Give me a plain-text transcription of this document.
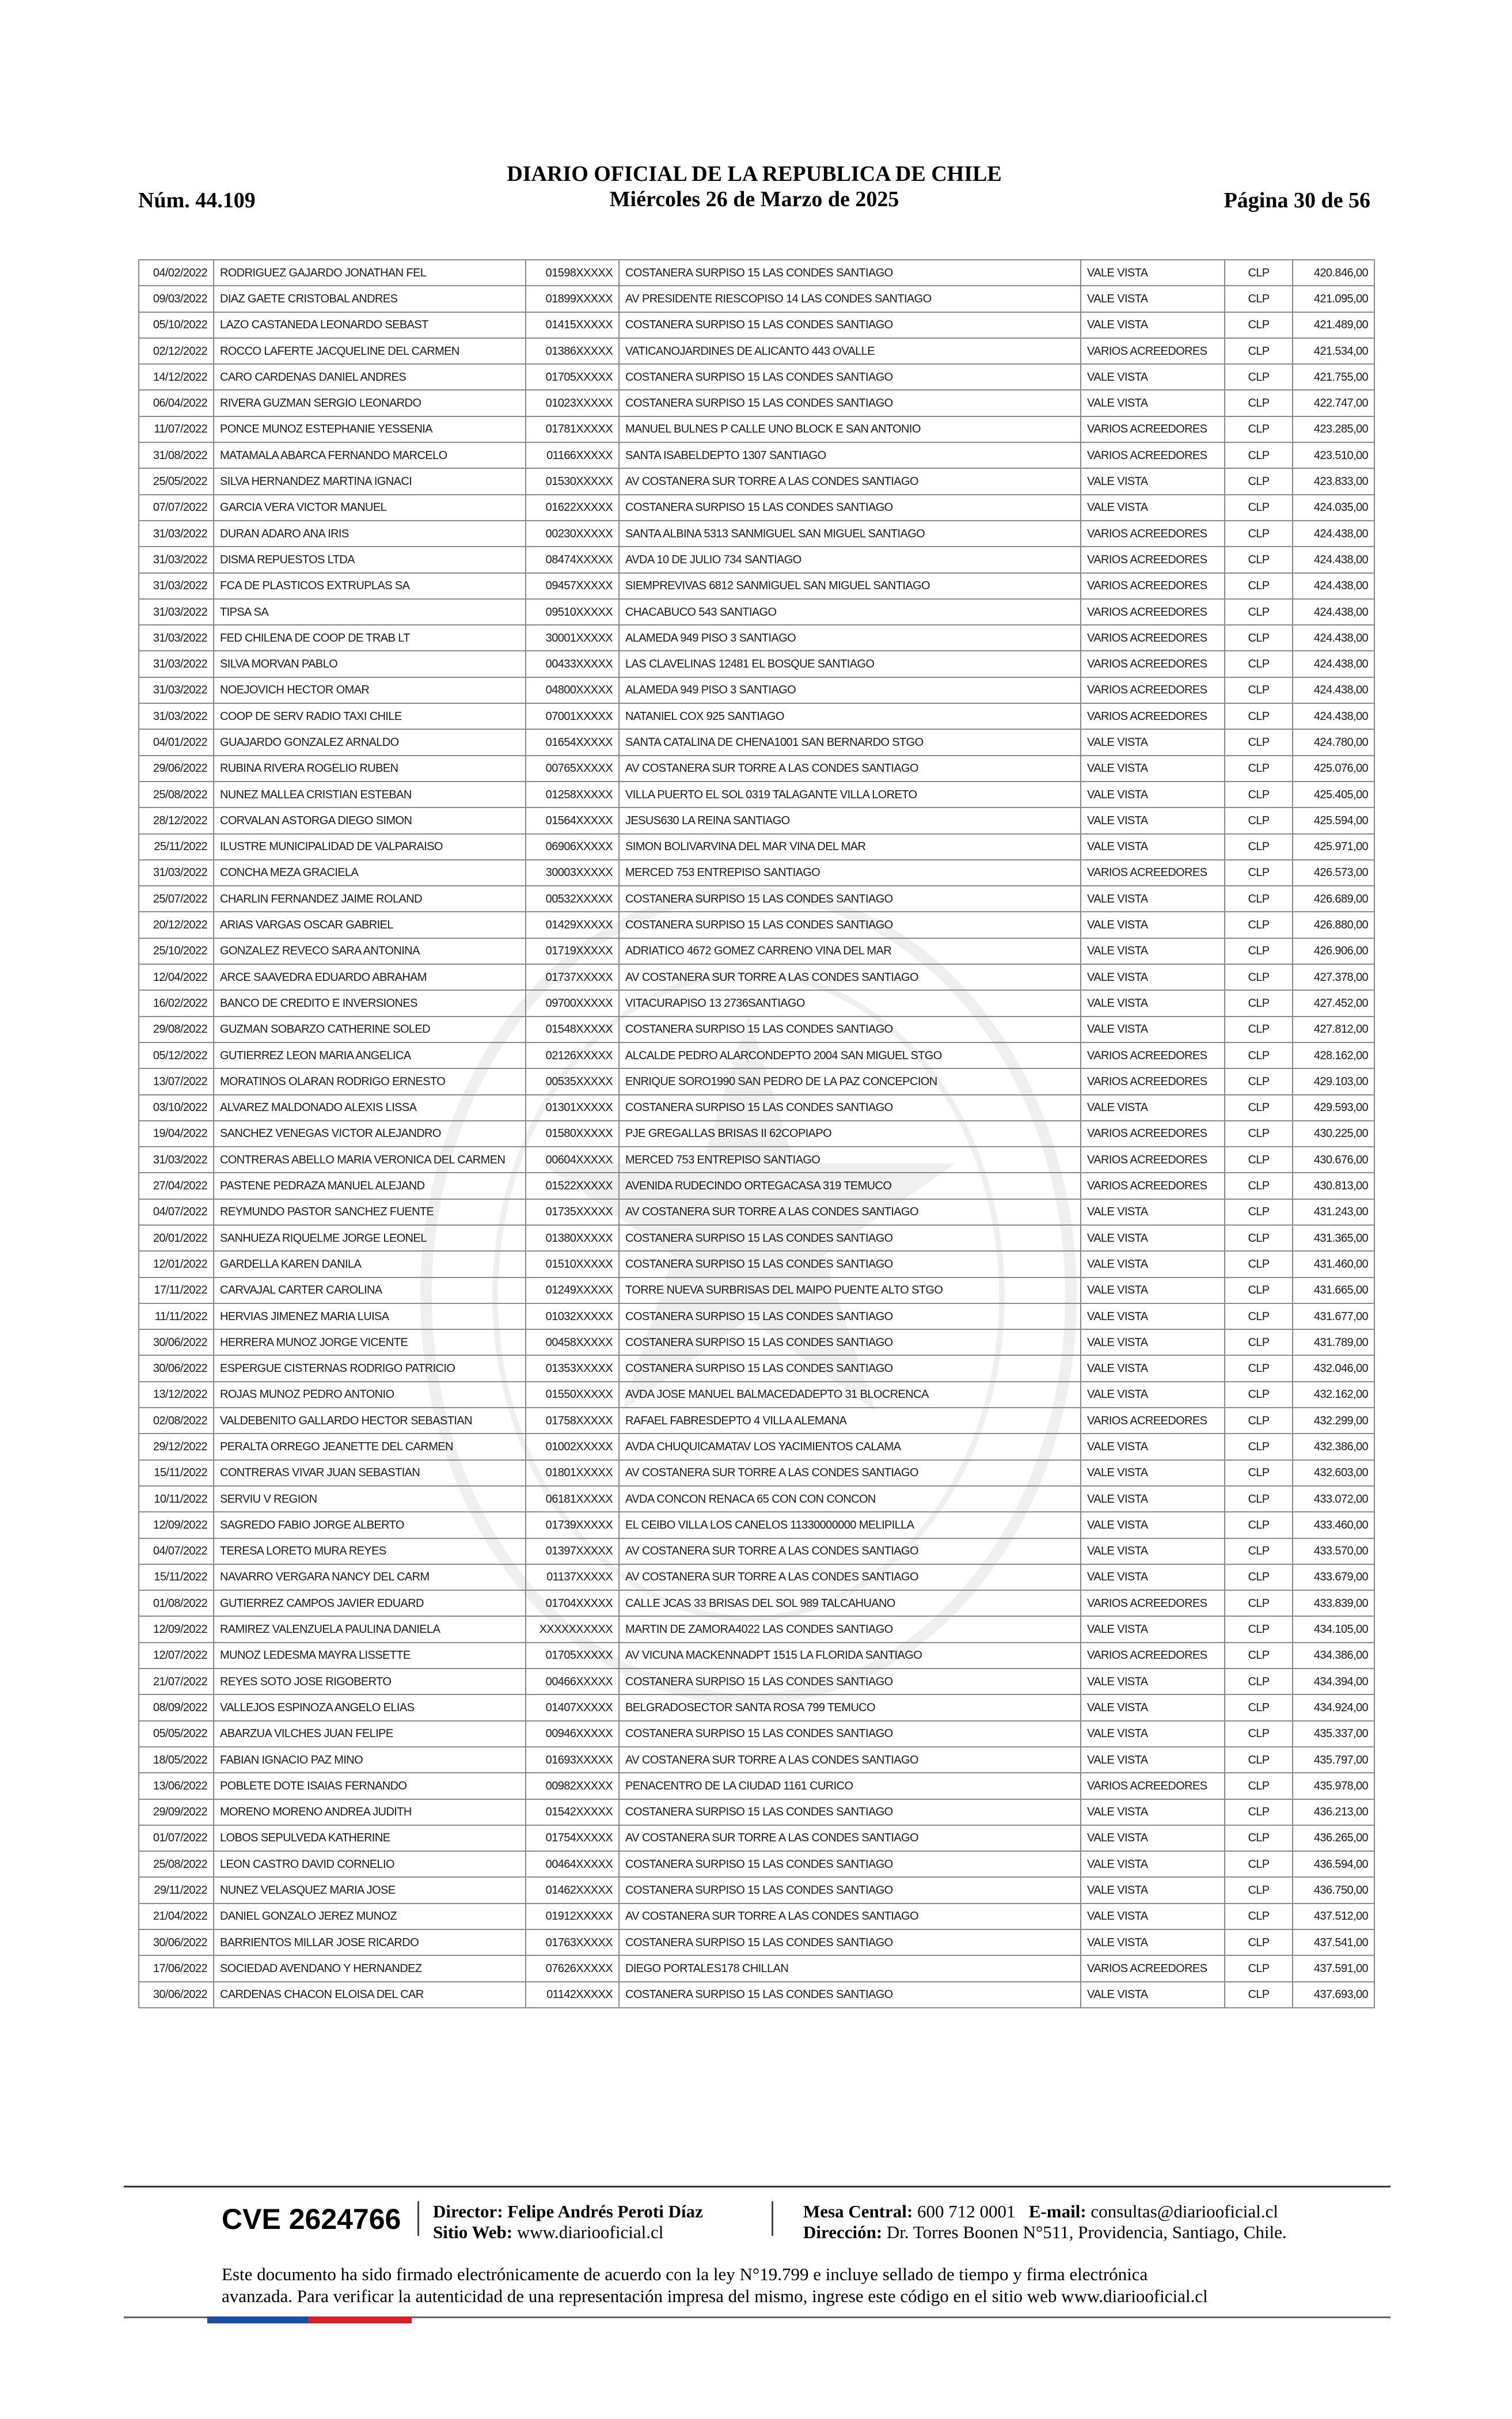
Núm. 44.109
DIARIO OFICIAL DE LA REPUBLICA DE CHILE
Miércoles 26 de Marzo de 2025	Página 30 de 56
04/02/2022	RODRIGUEZ GAJARDO JONATHAN FEL	01598XXXXX	COSTANERA SURPISO 15 LAS CONDES SANTIAGO	VALE VISTA	CLP	420.846,00
09/03/2022	DIAZ GAETE CRISTOBAL ANDRES	01899XXXXX	AV PRESIDENTE RIESCOPISO 14 LAS CONDES SANTIAGO	VALE VISTA	CLP	421.095,00
05/10/2022	LAZO CASTANEDA LEONARDO SEBAST	01415XXXXX	COSTANERA SURPISO 15 LAS CONDES SANTIAGO	VALE VISTA	CLP	421.489,00
02/12/2022	ROCCO LAFERTE JACQUELINE DEL CARMEN	01386XXXXX	VATICANOJARDINES DE ALICANTO 443 OVALLE	VARIOS ACREEDORES	CLP	421.534,00
14/12/2022	CARO CARDENAS DANIEL ANDRES	01705XXXXX	COSTANERA SURPISO 15 LAS CONDES SANTIAGO	VALE VISTA	CLP	421.755,00
06/04/2022	RIVERA GUZMAN SERGIO LEONARDO	01023XXXXX	COSTANERA SURPISO 15 LAS CONDES SANTIAGO	VALE VISTA	CLP	422.747,00
11/07/2022	PONCE MUNOZ ESTEPHANIE YESSENIA	01781XXXXX	MANUEL BULNES P CALLE UNO BLOCK E SAN ANTONIO	VARIOS ACREEDORES	CLP	423.285,00
31/08/2022	MATAMALA ABARCA FERNANDO MARCELO	01166XXXXX	SANTA ISABELDEPTO 1307 SANTIAGO	VARIOS ACREEDORES	CLP	423.510,00
25/05/2022	SILVA HERNANDEZ MARTINA IGNACI	01530XXXXX	AV COSTANERA SUR TORRE A LAS CONDES SANTIAGO	VALE VISTA	CLP	423.833,00
07/07/2022	GARCIA VERA VICTOR MANUEL	01622XXXXX	COSTANERA SURPISO 15 LAS CONDES SANTIAGO	VALE VISTA	CLP	424.035,00
31/03/2022	DURAN ADARO ANA IRIS	00230XXXXX	SANTA ALBINA 5313 SANMIGUEL SAN MIGUEL SANTIAGO	VARIOS ACREEDORES	CLP	424.438,00
31/03/2022	DISMA REPUESTOS LTDA	08474XXXXX	AVDA 10 DE JULIO 734 SANTIAGO	VARIOS ACREEDORES	CLP	424.438,00
31/03/2022	FCA DE PLASTICOS EXTRUPLAS SA	09457XXXXX	SIEMPREVIVAS 6812 SANMIGUEL SAN MIGUEL SANTIAGO	VARIOS ACREEDORES	CLP	424.438,00
31/03/2022	TIPSA SA	09510XXXXX	CHACABUCO 543 SANTIAGO	VARIOS ACREEDORES	CLP	424.438,00
31/03/2022	FED CHILENA DE COOP DE TRAB LT	30001XXXXX	ALAMEDA 949 PISO 3 SANTIAGO	VARIOS ACREEDORES	CLP	424.438,00
31/03/2022	SILVA MORVAN PABLO	00433XXXXX	LAS CLAVELINAS 12481 EL BOSQUE SANTIAGO	VARIOS ACREEDORES	CLP	424.438,00
31/03/2022	NOEJOVICH HECTOR OMAR	04800XXXXX	ALAMEDA 949 PISO 3 SANTIAGO	VARIOS ACREEDORES	CLP	424.438,00
31/03/2022	COOP DE SERV RADIO TAXI CHILE	07001XXXXX	NATANIEL COX 925 SANTIAGO	VARIOS ACREEDORES	CLP	424.438,00
04/01/2022	GUAJARDO GONZALEZ ARNALDO	01654XXXXX	SANTA CATALINA DE CHENA1001 SAN BERNARDO STGO	VALE VISTA	CLP	424.780,00
29/06/2022	RUBINA RIVERA ROGELIO RUBEN	00765XXXXX	AV COSTANERA SUR TORRE A LAS CONDES SANTIAGO	VALE VISTA	CLP	425.076,00
25/08/2022	NUNEZ MALLEA CRISTIAN ESTEBAN	01258XXXXX	VILLA PUERTO EL SOL 0319 TALAGANTE VILLA LORETO	VALE VISTA	CLP	425.405,00
28/12/2022	CORVALAN ASTORGA DIEGO SIMON	01564XXXXX	JESUS630 LA REINA SANTIAGO	VALE VISTA	CLP	425.594,00
25/11/2022	ILUSTRE MUNICIPALIDAD DE VALPARAISO	06906XXXXX	SIMON BOLIVARVINA DEL MAR VINA DEL MAR	VALE VISTA	CLP	425.971,00
31/03/2022	CONCHA MEZA GRACIELA	30003XXXXX	MERCED 753 ENTREPISO SANTIAGO	VARIOS ACREEDORES	CLP	426.573,00
25/07/2022	CHARLIN FERNANDEZ JAIME ROLAND	00532XXXXX	COSTANERA SURPISO 15 LAS CONDES SANTIAGO	VALE VISTA	CLP	426.689,00
20/12/2022	ARIAS VARGAS OSCAR GABRIEL	01429XXXXX	COSTANERA SURPISO 15 LAS CONDES SANTIAGO	VALE VISTA	CLP	426.880,00
25/10/2022	GONZALEZ REVECO SARA ANTONINA	01719XXXXX	ADRIATICO 4672 GOMEZ CARRENO VINA DEL MAR	VALE VISTA	CLP	426.906,00
12/04/2022	ARCE SAAVEDRA EDUARDO ABRAHAM	01737XXXXX	AV COSTANERA SUR TORRE A LAS CONDES SANTIAGO	VALE VISTA	CLP	427.378,00
16/02/2022	BANCO DE CREDITO E INVERSIONES	09700XXXXX	VITACURAPISO 13 2736SANTIAGO	VALE VISTA	CLP	427.452,00
29/08/2022	GUZMAN SOBARZO CATHERINE SOLED	01548XXXXX	COSTANERA SURPISO 15 LAS CONDES SANTIAGO	VALE VISTA	CLP	427.812,00
05/12/2022	GUTIERREZ LEON MARIA ANGELICA	02126XXXXX	ALCALDE PEDRO ALARCONDEPTO 2004 SAN MIGUEL STGO	VARIOS ACREEDORES	CLP	428.162,00
13/07/2022	MORATINOS OLARAN RODRIGO ERNESTO	00535XXXXX	ENRIQUE SORO1990 SAN PEDRO DE LA PAZ CONCEPCION	VARIOS ACREEDORES	CLP	429.103,00
03/10/2022	ALVAREZ MALDONADO ALEXIS LISSA	01301XXXXX	COSTANERA SURPISO 15 LAS CONDES SANTIAGO	VALE VISTA	CLP	429.593,00
19/04/2022	SANCHEZ VENEGAS VICTOR ALEJANDRO	01580XXXXX	PJE GREGALLAS BRISAS II 62COPIAPO	VARIOS ACREEDORES	CLP	430.225,00
31/03/2022	CONTRERAS ABELLO MARIA VERONICA DEL CARMEN	00604XXXXX	MERCED 753 ENTREPISO SANTIAGO	VARIOS ACREEDORES	CLP	430.676,00
27/04/2022	PASTENE PEDRAZA MANUEL ALEJAND	01522XXXXX	AVENIDA RUDECINDO ORTEGACASA 319 TEMUCO	VARIOS ACREEDORES	CLP	430.813,00
04/07/2022	REYMUNDO PASTOR SANCHEZ FUENTE	01735XXXXX	AV COSTANERA SUR TORRE A LAS CONDES SANTIAGO	VALE VISTA	CLP	431.243,00
20/01/2022	SANHUEZA RIQUELME JORGE LEONEL	01380XXXXX	COSTANERA SURPISO 15 LAS CONDES SANTIAGO	VALE VISTA	CLP	431.365,00
12/01/2022	GARDELLA KAREN DANILA	01510XXXXX	COSTANERA SURPISO 15 LAS CONDES SANTIAGO	VALE VISTA	CLP	431.460,00
17/11/2022	CARVAJAL CARTER CAROLINA	01249XXXXX	TORRE NUEVA SURBRISAS DEL MAIPO PUENTE ALTO STGO	VALE VISTA	CLP	431.665,00
11/11/2022	HERVIAS JIMENEZ MARIA LUISA	01032XXXXX	COSTANERA SURPISO 15 LAS CONDES SANTIAGO	VALE VISTA	CLP	431.677,00
30/06/2022	HERRERA MUNOZ JORGE VICENTE	00458XXXXX	COSTANERA SURPISO 15 LAS CONDES SANTIAGO	VALE VISTA	CLP	431.789,00
30/06/2022	ESPERGUE CISTERNAS RODRIGO PATRICIO	01353XXXXX	COSTANERA SURPISO 15 LAS CONDES SANTIAGO	VALE VISTA	CLP	432.046,00
13/12/2022	ROJAS MUNOZ PEDRO ANTONIO	01550XXXXX	AVDA JOSE MANUEL BALMACEDADEPTO 31 BLOCRENCA	VALE VISTA	CLP	432.162,00
02/08/2022	VALDEBENITO GALLARDO HECTOR SEBASTIAN	01758XXXXX	RAFAEL FABRESDEPTO 4 VILLA ALEMANA	VARIOS ACREEDORES	CLP	432.299,00
29/12/2022	PERALTA ORREGO JEANETTE DEL CARMEN	01002XXXXX	AVDA CHUQUICAMATAV LOS YACIMIENTOS CALAMA	VALE VISTA	CLP	432.386,00
15/11/2022	CONTRERAS VIVAR JUAN SEBASTIAN	01801XXXXX	AV COSTANERA SUR TORRE A LAS CONDES SANTIAGO	VALE VISTA	CLP	432.603,00
10/11/2022	SERVIU V REGION	06181XXXXX	AVDA CONCON RENACA 65 CON CON CONCON	VALE VISTA	CLP	433.072,00
12/09/2022	SAGREDO FABIO JORGE ALBERTO	01739XXXXX	EL CEIBO VILLA LOS CANELOS 11330000000 MELIPILLA	VALE VISTA	CLP	433.460,00
04/07/2022	TERESA LORETO MURA REYES	01397XXXXX	AV COSTANERA SUR TORRE A LAS CONDES SANTIAGO	VALE VISTA	CLP	433.570,00
15/11/2022	NAVARRO VERGARA NANCY DEL CARM	01137XXXXX	AV COSTANERA SUR TORRE A LAS CONDES SANTIAGO	VALE VISTA	CLP	433.679,00
01/08/2022	GUTIERREZ CAMPOS JAVIER EDUARD	01704XXXXX	CALLE JCAS 33 BRISAS DEL SOL 989 TALCAHUANO	VARIOS ACREEDORES	CLP	433.839,00
12/09/2022	RAMIREZ VALENZUELA PAULINA DANIELA	XXXXXXXXXX	MARTIN DE ZAMORA4022 LAS CONDES SANTIAGO	VALE VISTA	CLP	434.105,00
12/07/2022	MUNOZ LEDESMA MAYRA LISSETTE	01705XXXXX	AV VICUNA MACKENNADPT 1515 LA FLORIDA SANTIAGO	VARIOS ACREEDORES	CLP	434.386,00
21/07/2022	REYES SOTO JOSE RIGOBERTO	00466XXXXX	COSTANERA SURPISO 15 LAS CONDES SANTIAGO	VALE VISTA	CLP	434.394,00
08/09/2022	VALLEJOS ESPINOZA ANGELO ELIAS	01407XXXXX	BELGRADOSECTOR SANTA ROSA 799 TEMUCO	VALE VISTA	CLP	434.924,00
05/05/2022	ABARZUA VILCHES JUAN FELIPE	00946XXXXX	COSTANERA SURPISO 15 LAS CONDES SANTIAGO	VALE VISTA	CLP	435.337,00
18/05/2022	FABIAN IGNACIO PAZ MINO	01693XXXXX	AV COSTANERA SUR TORRE A LAS CONDES SANTIAGO	VALE VISTA	CLP	435.797,00
13/06/2022	POBLETE DOTE ISAIAS FERNANDO	00982XXXXX	PENACENTRO DE LA CIUDAD 1161 CURICO	VARIOS ACREEDORES	CLP	435.978,00
29/09/2022	MORENO MORENO ANDREA JUDITH	01542XXXXX	COSTANERA SURPISO 15 LAS CONDES SANTIAGO	VALE VISTA	CLP	436.213,00
01/07/2022	LOBOS SEPULVEDA KATHERINE	01754XXXXX	AV COSTANERA SUR TORRE A LAS CONDES SANTIAGO	VALE VISTA	CLP	436.265,00
25/08/2022	LEON CASTRO DAVID CORNELIO	00464XXXXX	COSTANERA SURPISO 15 LAS CONDES SANTIAGO	VALE VISTA	CLP	436.594,00
29/11/2022	NUNEZ VELASQUEZ MARIA JOSE	01462XXXXX	COSTANERA SURPISO 15 LAS CONDES SANTIAGO	VALE VISTA	CLP	436.750,00
21/04/2022	DANIEL GONZALO JEREZ MUNOZ	01912XXXXX	AV COSTANERA SUR TORRE A LAS CONDES SANTIAGO	VALE VISTA	CLP	437.512,00
30/06/2022	BARRIENTOS MILLAR JOSE RICARDO	01763XXXXX	COSTANERA SURPISO 15 LAS CONDES SANTIAGO	VALE VISTA	CLP	437.541,00
17/06/2022	SOCIEDAD AVENDANO Y HERNANDEZ	07626XXXXX	DIEGO PORTALES178 CHILLAN	VARIOS ACREEDORES	CLP	437.591,00
30/06/2022	CARDENAS CHACON ELOISA DEL CAR	01142XXXXX	COSTANERA SURPISO 15 LAS CONDES SANTIAGO	VALE VISTA	CLP	437.693,00
CVE 2624766 Director: Felipe Andrés Peroti Díaz
Sitio Web: www.diariooficial.cl
Mesa Central: 600 712 0001 E-mail: consultas@diariooficial.cl
Dirección: Dr. Torres Boonen N°511, Providencia, Santiago, Chile.
Este documento ha sido firmado electrónicamente de acuerdo con la ley N°19.799 e incluye sellado de tiempo y firma electrónica
avanzada. Para verificar la autenticidad de una representación impresa del mismo, ingrese este código en el sitio web www.diariooficial.cl
